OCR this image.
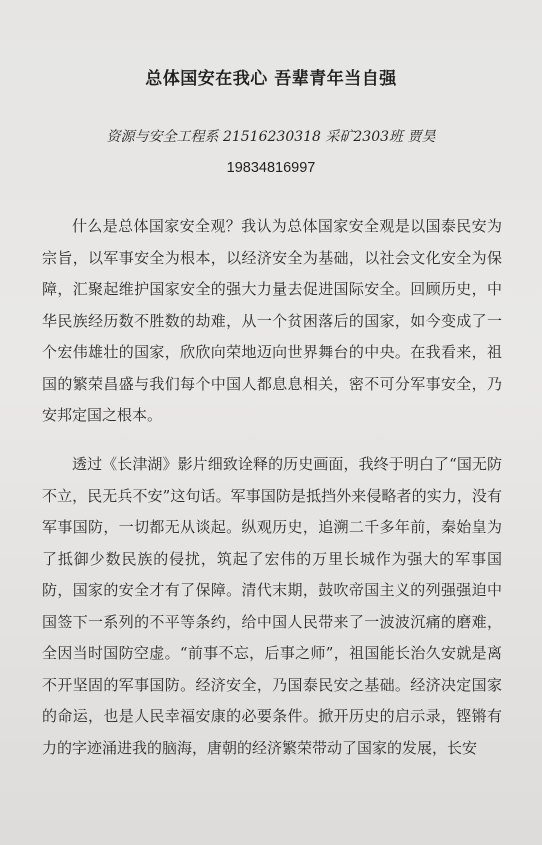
总体国安在我心 吾辈青年当自强
资源与安全工程系 21516230318 采矿2303班 贾昊
19834816997

什么是总体国家安全观？我认为总体国家安全观是以国泰民安为宗旨，以军事安全为根本，以经济安全为基础，以社会文化安全为保障，汇聚起维护国家安全的强大力量去促进国际安全。回顾历史，中华民族经历数不胜数的劫难，从一个贫困落后的国家，如今变成了一个宏伟雄壮的国家，欣欣向荣地迈向世界舞台的中央。在我看来，祖国的繁荣昌盛与我们每个中国人都息息相关，密不可分军事安全，乃安邦定国之根本。

透过《长津湖》影片细致诠释的历史画面，我终于明白了“国无防不立，民无兵不安”这句话。军事国防是抵挡外来侵略者的实力，没有军事国防，一切都无从谈起。纵观历史，追溯二千多年前，秦始皇为了抵御少数民族的侵扰，筑起了宏伟的万里长城作为强大的军事国防，国家的安全才有了保障。清代末期，鼓吹帝国主义的列强强迫中国签下一系列的不平等条约，给中国人民带来了一波波沉痛的磨难，全因当时国防空虚。“前事不忘，后事之师”，祖国能长治久安就是离不开坚固的军事国防。经济安全，乃国泰民安之基础。经济决定国家的命运，也是人民幸福安康的必要条件。掀开历史的启示录，铿锵有力的字迹涌进我的脑海，唐朝的经济繁荣带动了国家的发展，长安
